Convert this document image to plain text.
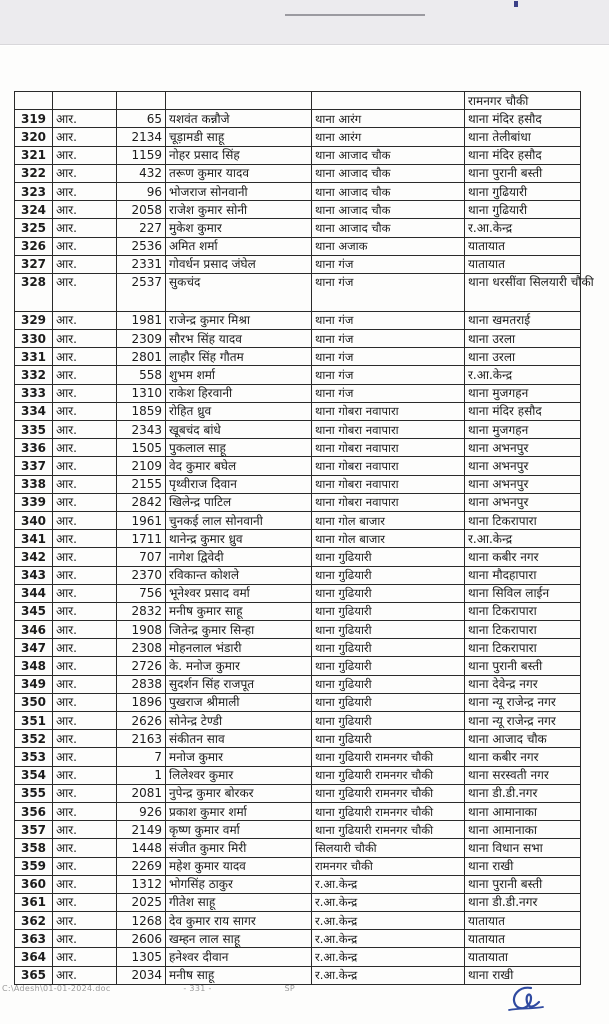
					रामनगर चौकी
319	आर.	65	यशवंत कन्नौजे	थाना आरंग	थाना मंदिर हसौद
320	आर.	2134	चूड़ामडी साहू	थाना आरंग	थाना तेलीबांधा
321	आर.	1159	नोहर प्रसाद सिंह	थाना आजाद चौक	थाना मंदिर हसौद
322	आर.	432	तरूण कुमार यादव	थाना आजाद चौक	थाना पुरानी बस्ती
323	आर.	96	भोजराज सोनवानी	थाना आजाद चौक	थाना गुढियारी
324	आर.	2058	राजेश कुमार सोनी	थाना आजाद चौक	थाना गुढियारी
325	आर.	227	मुकेश कुमार	थाना आजाद चौक	र.आ.केन्द्र
326	आर.	2536	अमित शर्मा	थाना अजाक	यातायात
327	आर.	2331	गोवर्धन प्रसाद जंघेल	थाना गंज	यातायात
328	आर.	2537	सुकचंद	थाना गंज	थाना धरसींवा सिलयारी चौकी
329	आर.	1981	राजेन्द्र कुमार मिश्रा	थाना गंज	थाना खमतराई
330	आर.	2309	सौरभ सिंह यादव	थाना गंज	थाना उरला
331	आर.	2801	लाहौर सिंह गौतम	थाना गंज	थाना उरला
332	आर.	558	शुभम शर्मा	थाना गंज	र.आ.केन्द्र
333	आर.	1310	राकेश हिरवानी	थाना गंज	थाना मुजगहन
334	आर.	1859	रोहित ध्रुव	थाना गोबरा नवापारा	थाना मंदिर हसौद
335	आर.	2343	खूबचंद बांधे	थाना गोबरा नवापारा	थाना मुजगहन
336	आर.	1505	पुकलाल साहू	थाना गोबरा नवापारा	थाना अभनपुर
337	आर.	2109	वेद कुमार बघेल	थाना गोबरा नवापारा	थाना अभनपुर
338	आर.	2155	पृथ्वीराज दिवान	थाना गोबरा नवापारा	थाना अभनपुर
339	आर.	2842	खिलेन्द्र पाटिल	थाना गोबरा नवापारा	थाना अभनपुर
340	आर.	1961	चुनकई लाल सोनवानी	थाना गोल बाजार	थाना टिकरापारा
341	आर.	1711	थानेन्द्र कुमार ध्रुव	थाना गोल बाजार	र.आ.केन्द्र
342	आर.	707	नागेश द्विवेदी	थाना गुढियारी	थाना कबीर नगर
343	आर.	2370	रविकान्त कोशले	थाना गुढियारी	थाना मौदहापारा
344	आर.	756	भूनेश्वर प्रसाद वर्मा	थाना गुढियारी	थाना सिविल लाईन
345	आर.	2832	मनीष कुमार साहू	थाना गुढियारी	थाना टिकरापारा
346	आर.	1908	जितेन्द्र कुमार सिन्हा	थाना गुढियारी	थाना टिकरापारा
347	आर.	2308	मोहनलाल भंडारी	थाना गुढियारी	थाना टिकरापारा
348	आर.	2726	के. मनोज कुमार	थाना गुढियारी	थाना पुरानी बस्ती
349	आर.	2838	सुदर्शन सिंह राजपूत	थाना गुढियारी	थाना देवेन्द्र नगर
350	आर.	1896	पुखराज श्रीमाली	थाना गुढियारी	थाना न्यू राजेन्द्र नगर
351	आर.	2626	सोनेन्द्र टेण्डी	थाना गुढियारी	थाना न्यू राजेन्द्र नगर
352	आर.	2163	संकीतन साव	थाना गुढियारी	थाना आजाद चौक
353	आर.	7	मनोज कुमार	थाना गुढियारी रामनगर चौकी	थाना कबीर नगर
354	आर.	1	लिलेश्वर कुमार	थाना गुढियारी रामनगर चौकी	थाना सरस्वती नगर
355	आर.	2081	नुपेन्द्र कुमार बोरकर	थाना गुढियारी रामनगर चौकी	थाना डी.डी.नगर
356	आर.	926	प्रकाश कुमार शर्मा	थाना गुढियारी रामनगर चौकी	थाना आमानाका
357	आर.	2149	कृष्ण कुमार वर्मा	थाना गुढियारी रामनगर चौकी	थाना आमानाका
358	आर.	1448	संजीत कुमार मिरी	सिलयारी चौकी	थाना विधान सभा
359	आर.	2269	महेश कुमार यादव	रामनगर चौकी	थाना राखी
360	आर.	1312	भोगसिंह ठाकुर	र.आ.केन्द्र	थाना पुरानी बस्ती
361	आर.	2025	गीतेश साहू	र.आ.केन्द्र	थाना डी.डी.नगर
362	आर.	1268	देव कुमार राय सागर	र.आ.केन्द्र	यातायात
363	आर.	2606	खम्हन लाल साहू	र.आ.केन्द्र	यातायात
364	आर.	1305	हनेश्वर दीवान	र.आ.केन्द्र	यातायाता
365	आर.	2034	मनीष साहू	र.आ.केन्द्र	थाना राखी
C:\Adesh\01-01-2024.doc	- 331 -	SP
